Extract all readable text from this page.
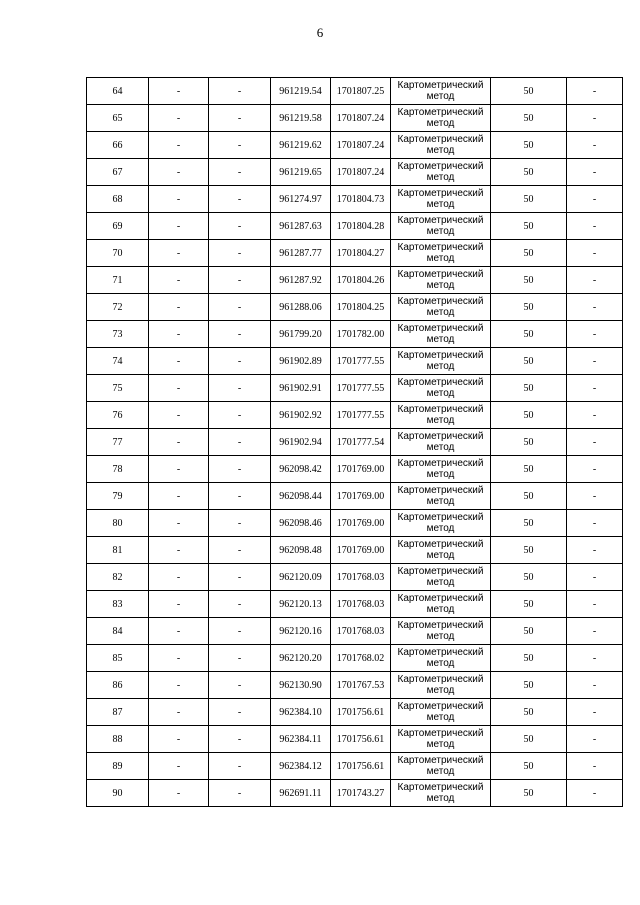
6
64	-	-	961219.54	1701807.25	Картометрический метод	50	-
65	-	-	961219.58	1701807.24	Картометрический метод	50	-
66	-	-	961219.62	1701807.24	Картометрический метод	50	-
67	-	-	961219.65	1701807.24	Картометрический метод	50	-
68	-	-	961274.97	1701804.73	Картометрический метод	50	-
69	-	-	961287.63	1701804.28	Картометрический метод	50	-
70	-	-	961287.77	1701804.27	Картометрический метод	50	-
71	-	-	961287.92	1701804.26	Картометрический метод	50	-
72	-	-	961288.06	1701804.25	Картометрический метод	50	-
73	-	-	961799.20	1701782.00	Картометрический метод	50	-
74	-	-	961902.89	1701777.55	Картометрический метод	50	-
75	-	-	961902.91	1701777.55	Картометрический метод	50	-
76	-	-	961902.92	1701777.55	Картометрический метод	50	-
77	-	-	961902.94	1701777.54	Картометрический метод	50	-
78	-	-	962098.42	1701769.00	Картометрический метод	50	-
79	-	-	962098.44	1701769.00	Картометрический метод	50	-
80	-	-	962098.46	1701769.00	Картометрический метод	50	-
81	-	-	962098.48	1701769.00	Картометрический метод	50	-
82	-	-	962120.09	1701768.03	Картометрический метод	50	-
83	-	-	962120.13	1701768.03	Картометрический метод	50	-
84	-	-	962120.16	1701768.03	Картометрический метод	50	-
85	-	-	962120.20	1701768.02	Картометрический метод	50	-
86	-	-	962130.90	1701767.53	Картометрический метод	50	-
87	-	-	962384.10	1701756.61	Картометрический метод	50	-
88	-	-	962384.11	1701756.61	Картометрический метод	50	-
89	-	-	962384.12	1701756.61	Картометрический метод	50	-
90	-	-	962691.11	1701743.27	Картометрический метод	50	-
